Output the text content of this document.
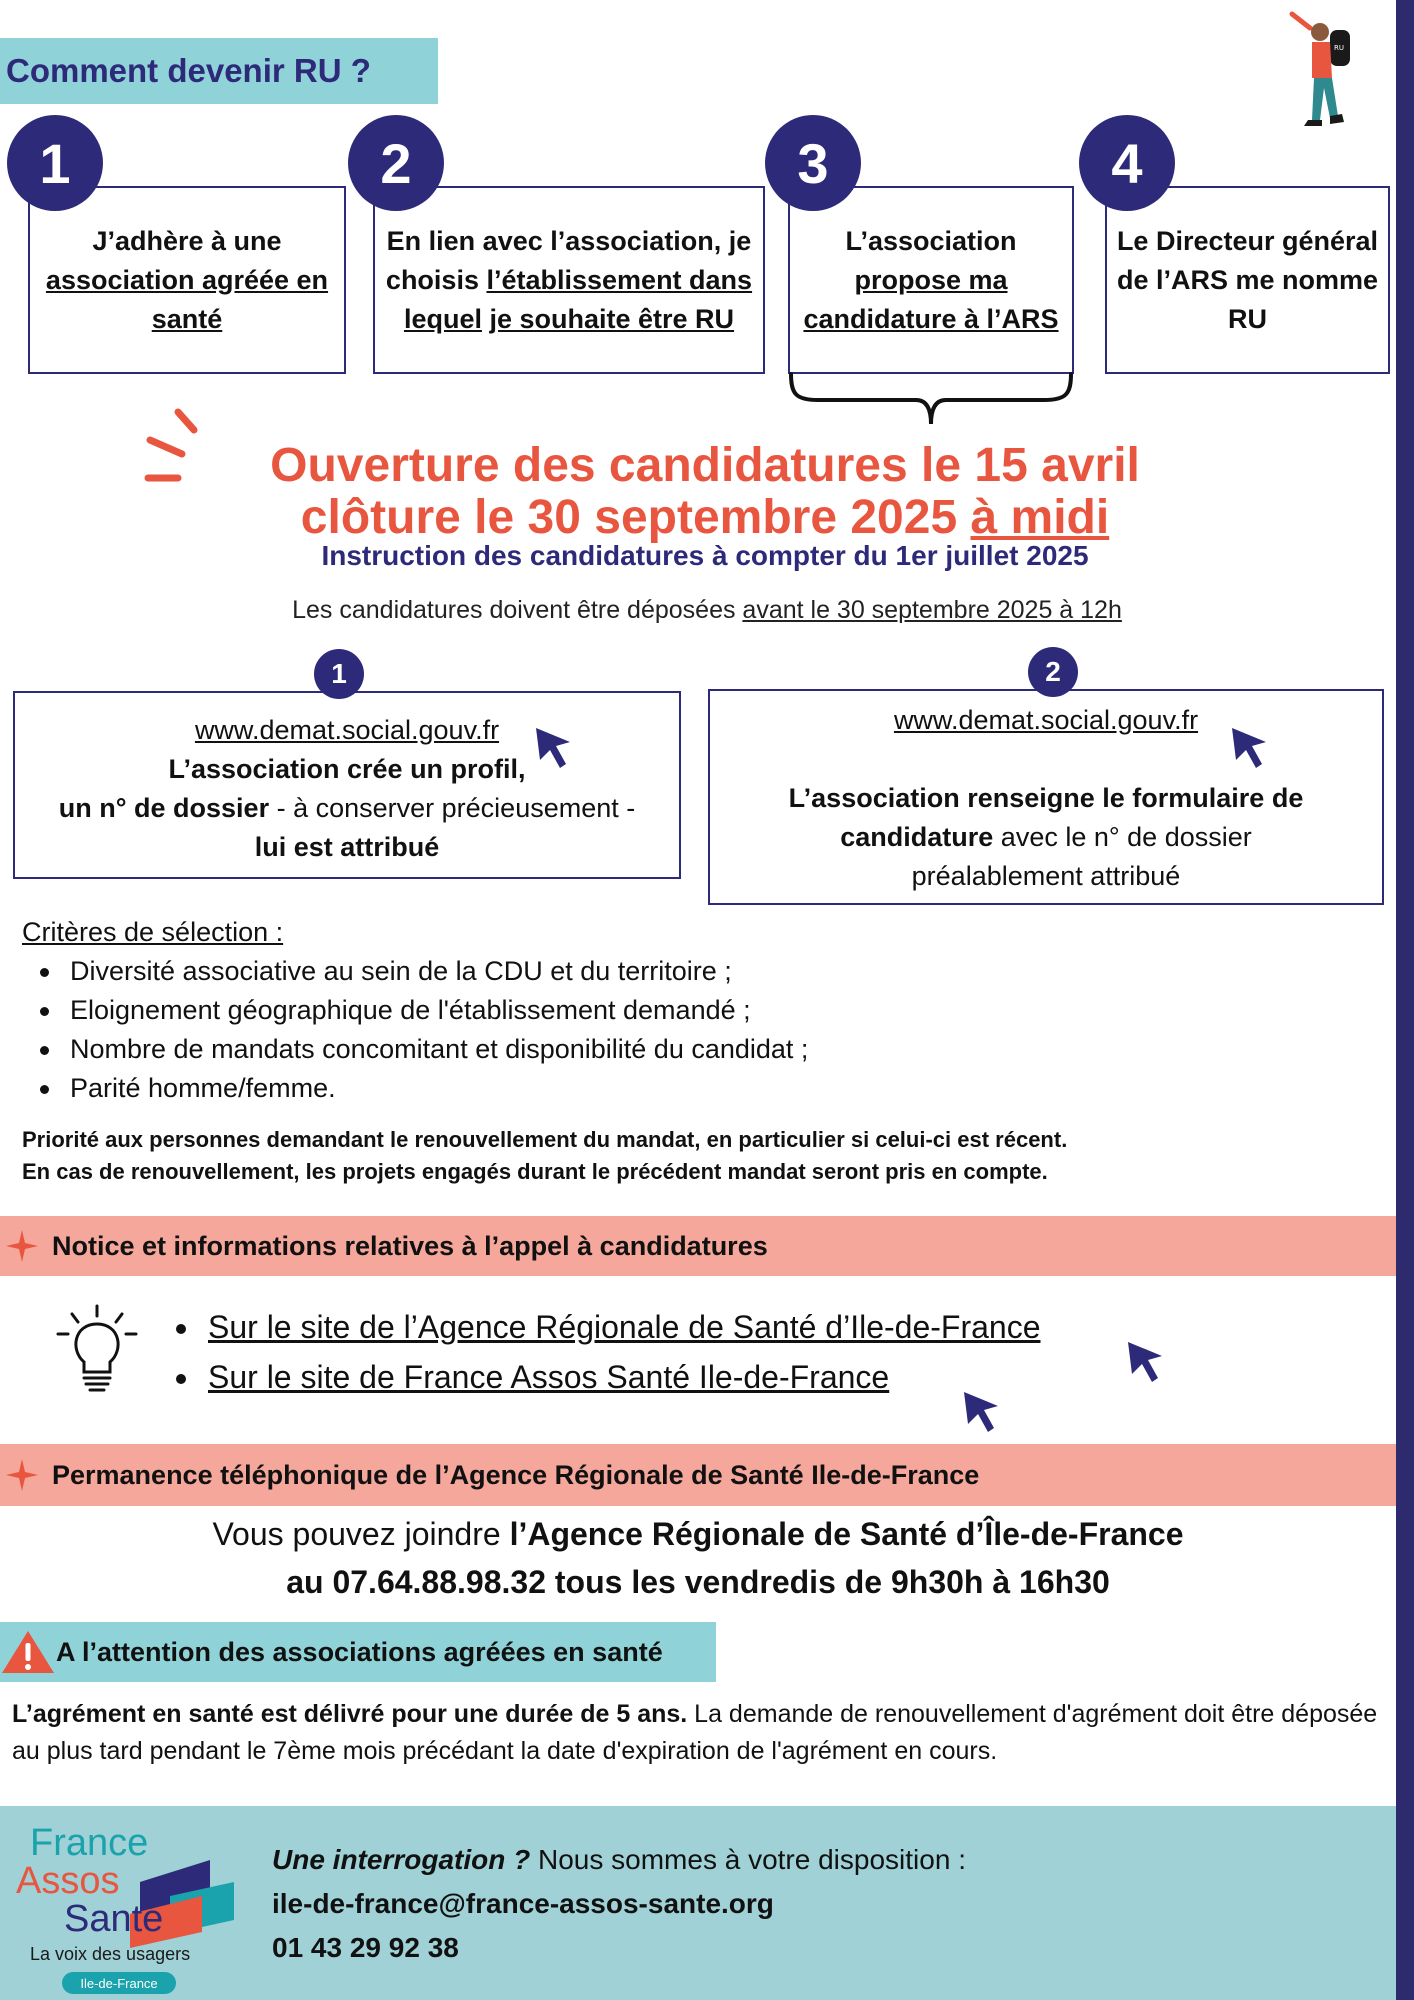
Comment devenir RU ?
RU
J’adhère à une association agréée en santé
1
En lien avec l’association, je choisis l’établissement dans lequel je souhaite être RU
2
L’association propose ma candidature à l’ARS
3
Le Directeur général de l’ARS me nomme RU
4
Ouverture des candidatures le 15 avril
clôture le 30 septembre 2025 à midi
Instruction des candidatures à compter du 1er juillet 2025
Les candidatures doivent être déposées avant le 30 septembre 2025 à 12h
www.demat.social.gouv.fr
L’association crée un profil,
un n° de dossier - à conserver précieusement -
lui est attribué
1
www.demat.social.gouv.fr
L’association renseigne le formulaire de
candidature avec le n° de dossier
préalablement attribué
2
Critères de sélection :
Diversité associative au sein de la CDU et du territoire ;
Eloignement géographique de l'établissement demandé ;
Nombre de mandats concomitant et disponibilité du candidat ;
Parité homme/femme.
Priorité aux personnes demandant le renouvellement du mandat, en particulier si celui-ci est récent.
En cas de renouvellement, les projets engagés durant le précédent mandat seront pris en compte.
Notice et informations relatives à l’appel à candidatures
Sur le site de l’Agence Régionale de Santé d’Ile-de-France
Sur le site de France Assos Santé Ile-de-France
Permanence téléphonique de l’Agence Régionale de Santé Ile-de-France
Vous pouvez joindre l’Agence Régionale de Santé d’Île-de-France
au 07.64.88.98.32 tous les vendredis de 9h30h à 16h30
A l’attention des associations agréées en santé
L’agrément en santé est délivré pour une durée de 5 ans. La demande de renouvellement d'agrément doit être déposée au plus tard pendant le 7ème mois précédant la date d'expiration de l'agrément en cours.
France
Assos
Santé
La voix des usagers
Ile-de-France
Une interrogation ? Nous sommes à votre disposition :
ile-de-france@france-assos-sante.org
01 43 29 92 38
